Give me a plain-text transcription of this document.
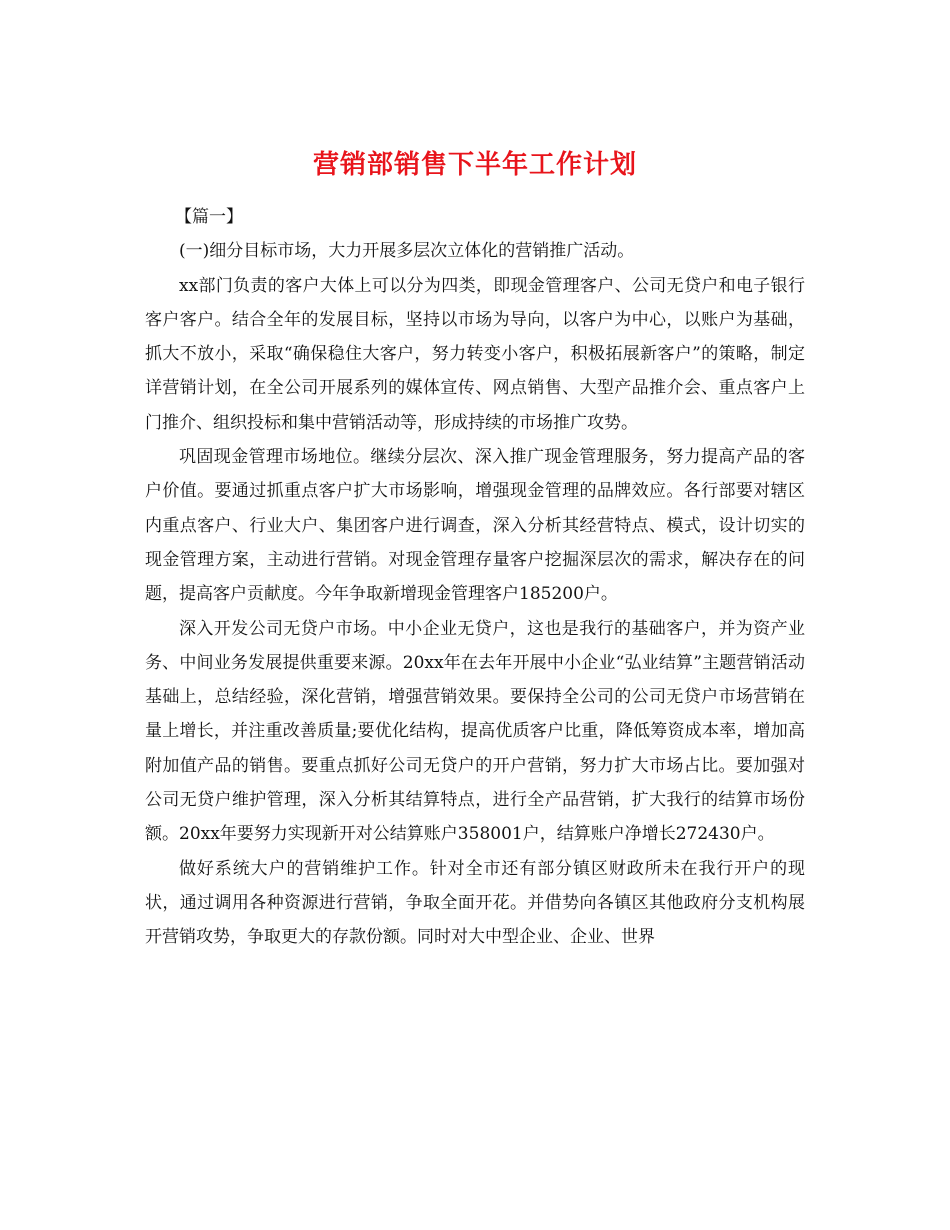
营销部销售下半年工作计划

【篇一】

(一)细分目标市场，大力开展多层次立体化的营销推广活动。

xx部门负责的客户大体上可以分为四类，即现金管理客户、公司无贷户和电子银行客户客户。结合全年的发展目标，坚持以市场为导向，以客户为中心，以账户为基础，抓大不放小，采取“确保稳住大客户，努力转变小客户，积极拓展新客户”的策略，制定详营销计划，在全公司开展系列的媒体宣传、网点销售、大型产品推介会、重点客户上门推介、组织投标和集中营销活动等，形成持续的市场推广攻势。

巩固现金管理市场地位。继续分层次、深入推广现金管理服务，努力提高产品的客户价值。要通过抓重点客户扩大市场影响，增强现金管理的品牌效应。各行部要对辖区内重点客户、行业大户、集团客户进行调查，深入分析其经营特点、模式，设计切实的现金管理方案，主动进行营销。对现金管理存量客户挖掘深层次的需求，解决存在的问题，提高客户贡献度。今年争取新增现金管理客户185200户。

深入开发公司无贷户市场。中小企业无贷户，这也是我行的基础客户，并为资产业务、中间业务发展提供重要来源。20xx年在去年开展中小企业“弘业结算”主题营销活动基础上，总结经验，深化营销，增强营销效果。要保持全公司的公司无贷户市场营销在量上增长，并注重改善质量;要优化结构，提高优质客户比重，降低筹资成本率，增加高附加值产品的销售。要重点抓好公司无贷户的开户营销，努力扩大市场占比。要加强对公司无贷户维护管理，深入分析其结算特点，进行全产品营销，扩大我行的结算市场份额。20xx年要努力实现新开对公结算账户358001户，结算账户净增长272430户。

做好系统大户的营销维护工作。针对全市还有部分镇区财政所未在我行开户的现状，通过调用各种资源进行营销，争取全面开花。并借势向各镇区其他政府分支机构展开营销攻势，争取更大的存款份额。同时对大中型企业、企业、世界
